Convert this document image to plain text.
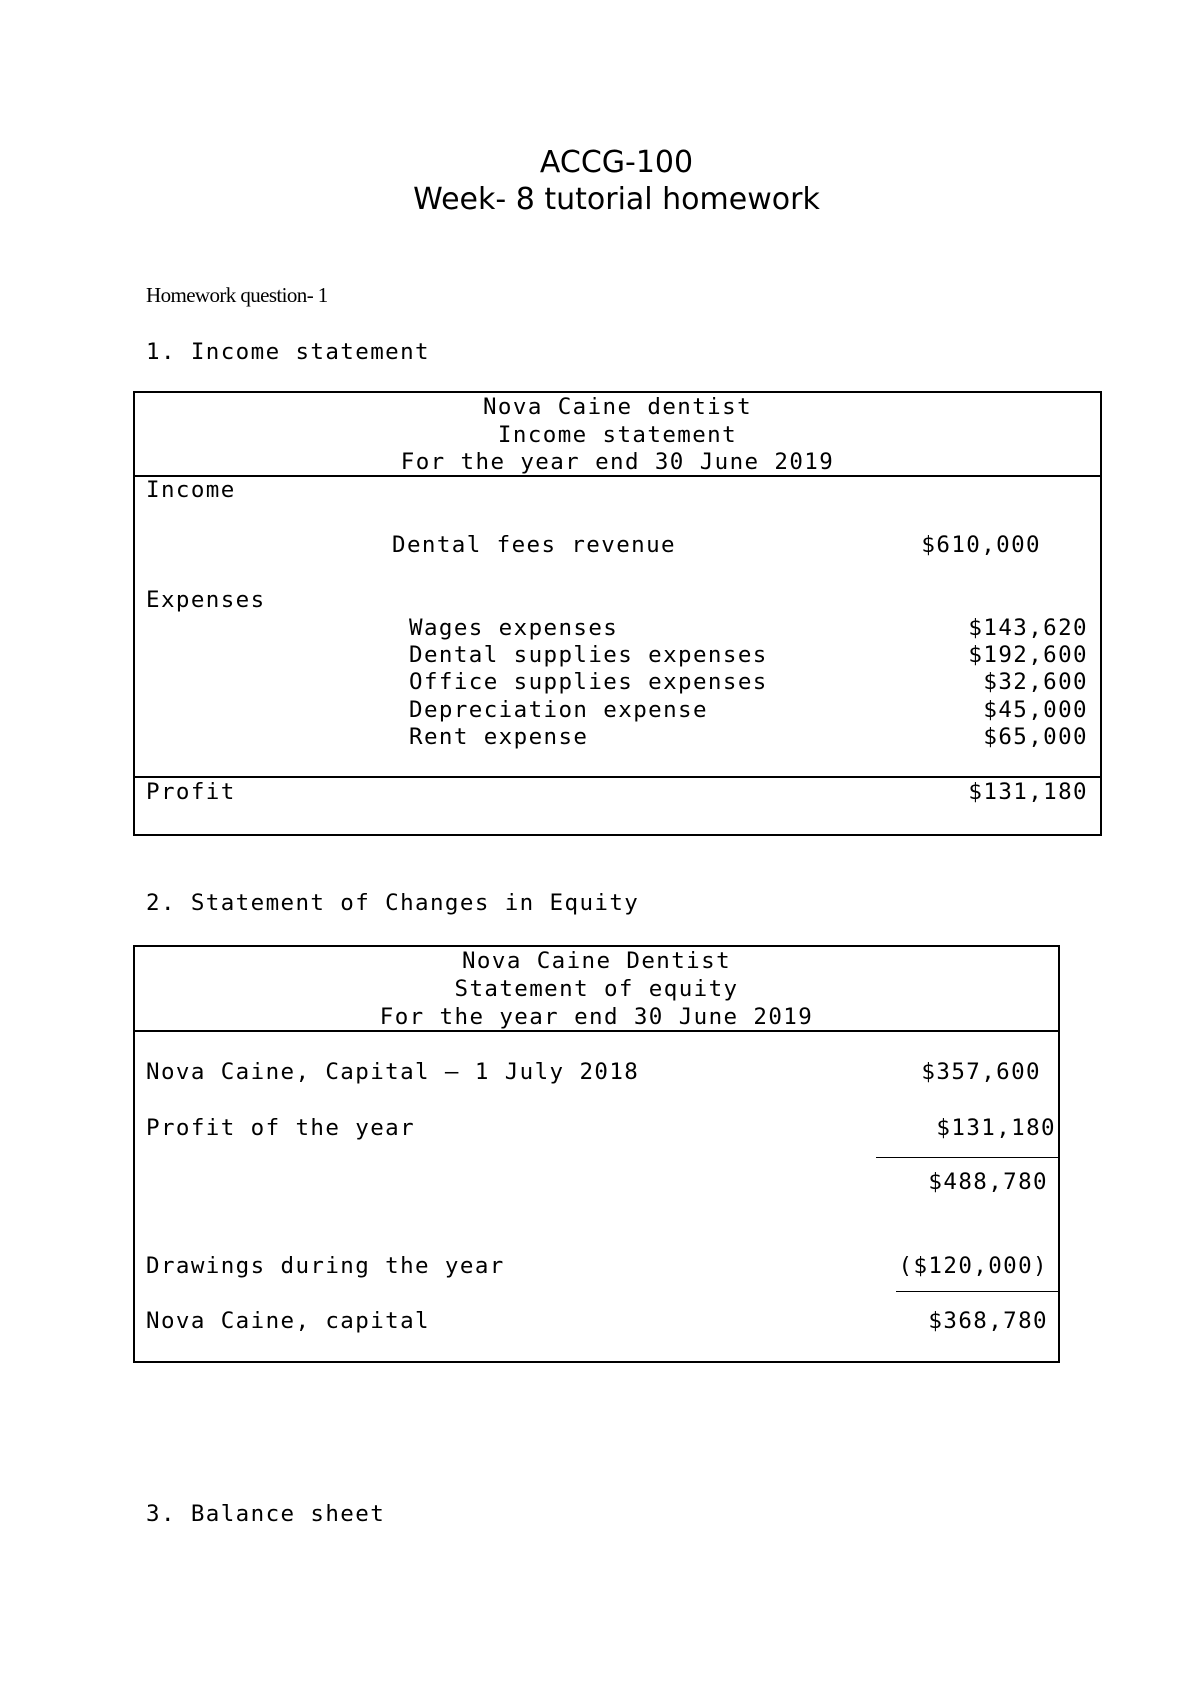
ACCG-100
Week- 8 tutorial homework
Homework question- 1
1. Income statement
Nova Caine dentist
Income statement
For the year end 30 June 2019
Income
Dental fees revenue	$610,000
Expenses
Wages expenses	$143,620
Dental supplies expenses	$192,600
Office supplies expenses	$32,600
Depreciation expense	$45,000
Rent expense	$65,000
Profit	$131,180
2. Statement of Changes in Equity
Nova Caine Dentist
Statement of equity
For the year end 30 June 2019
Nova Caine, Capital – 1 July 2018	$357,600
Profit of the year	$131,180
$488,780
Drawings during the year	($120,000)
Nova Caine, capital	$368,780
3. Balance sheet
